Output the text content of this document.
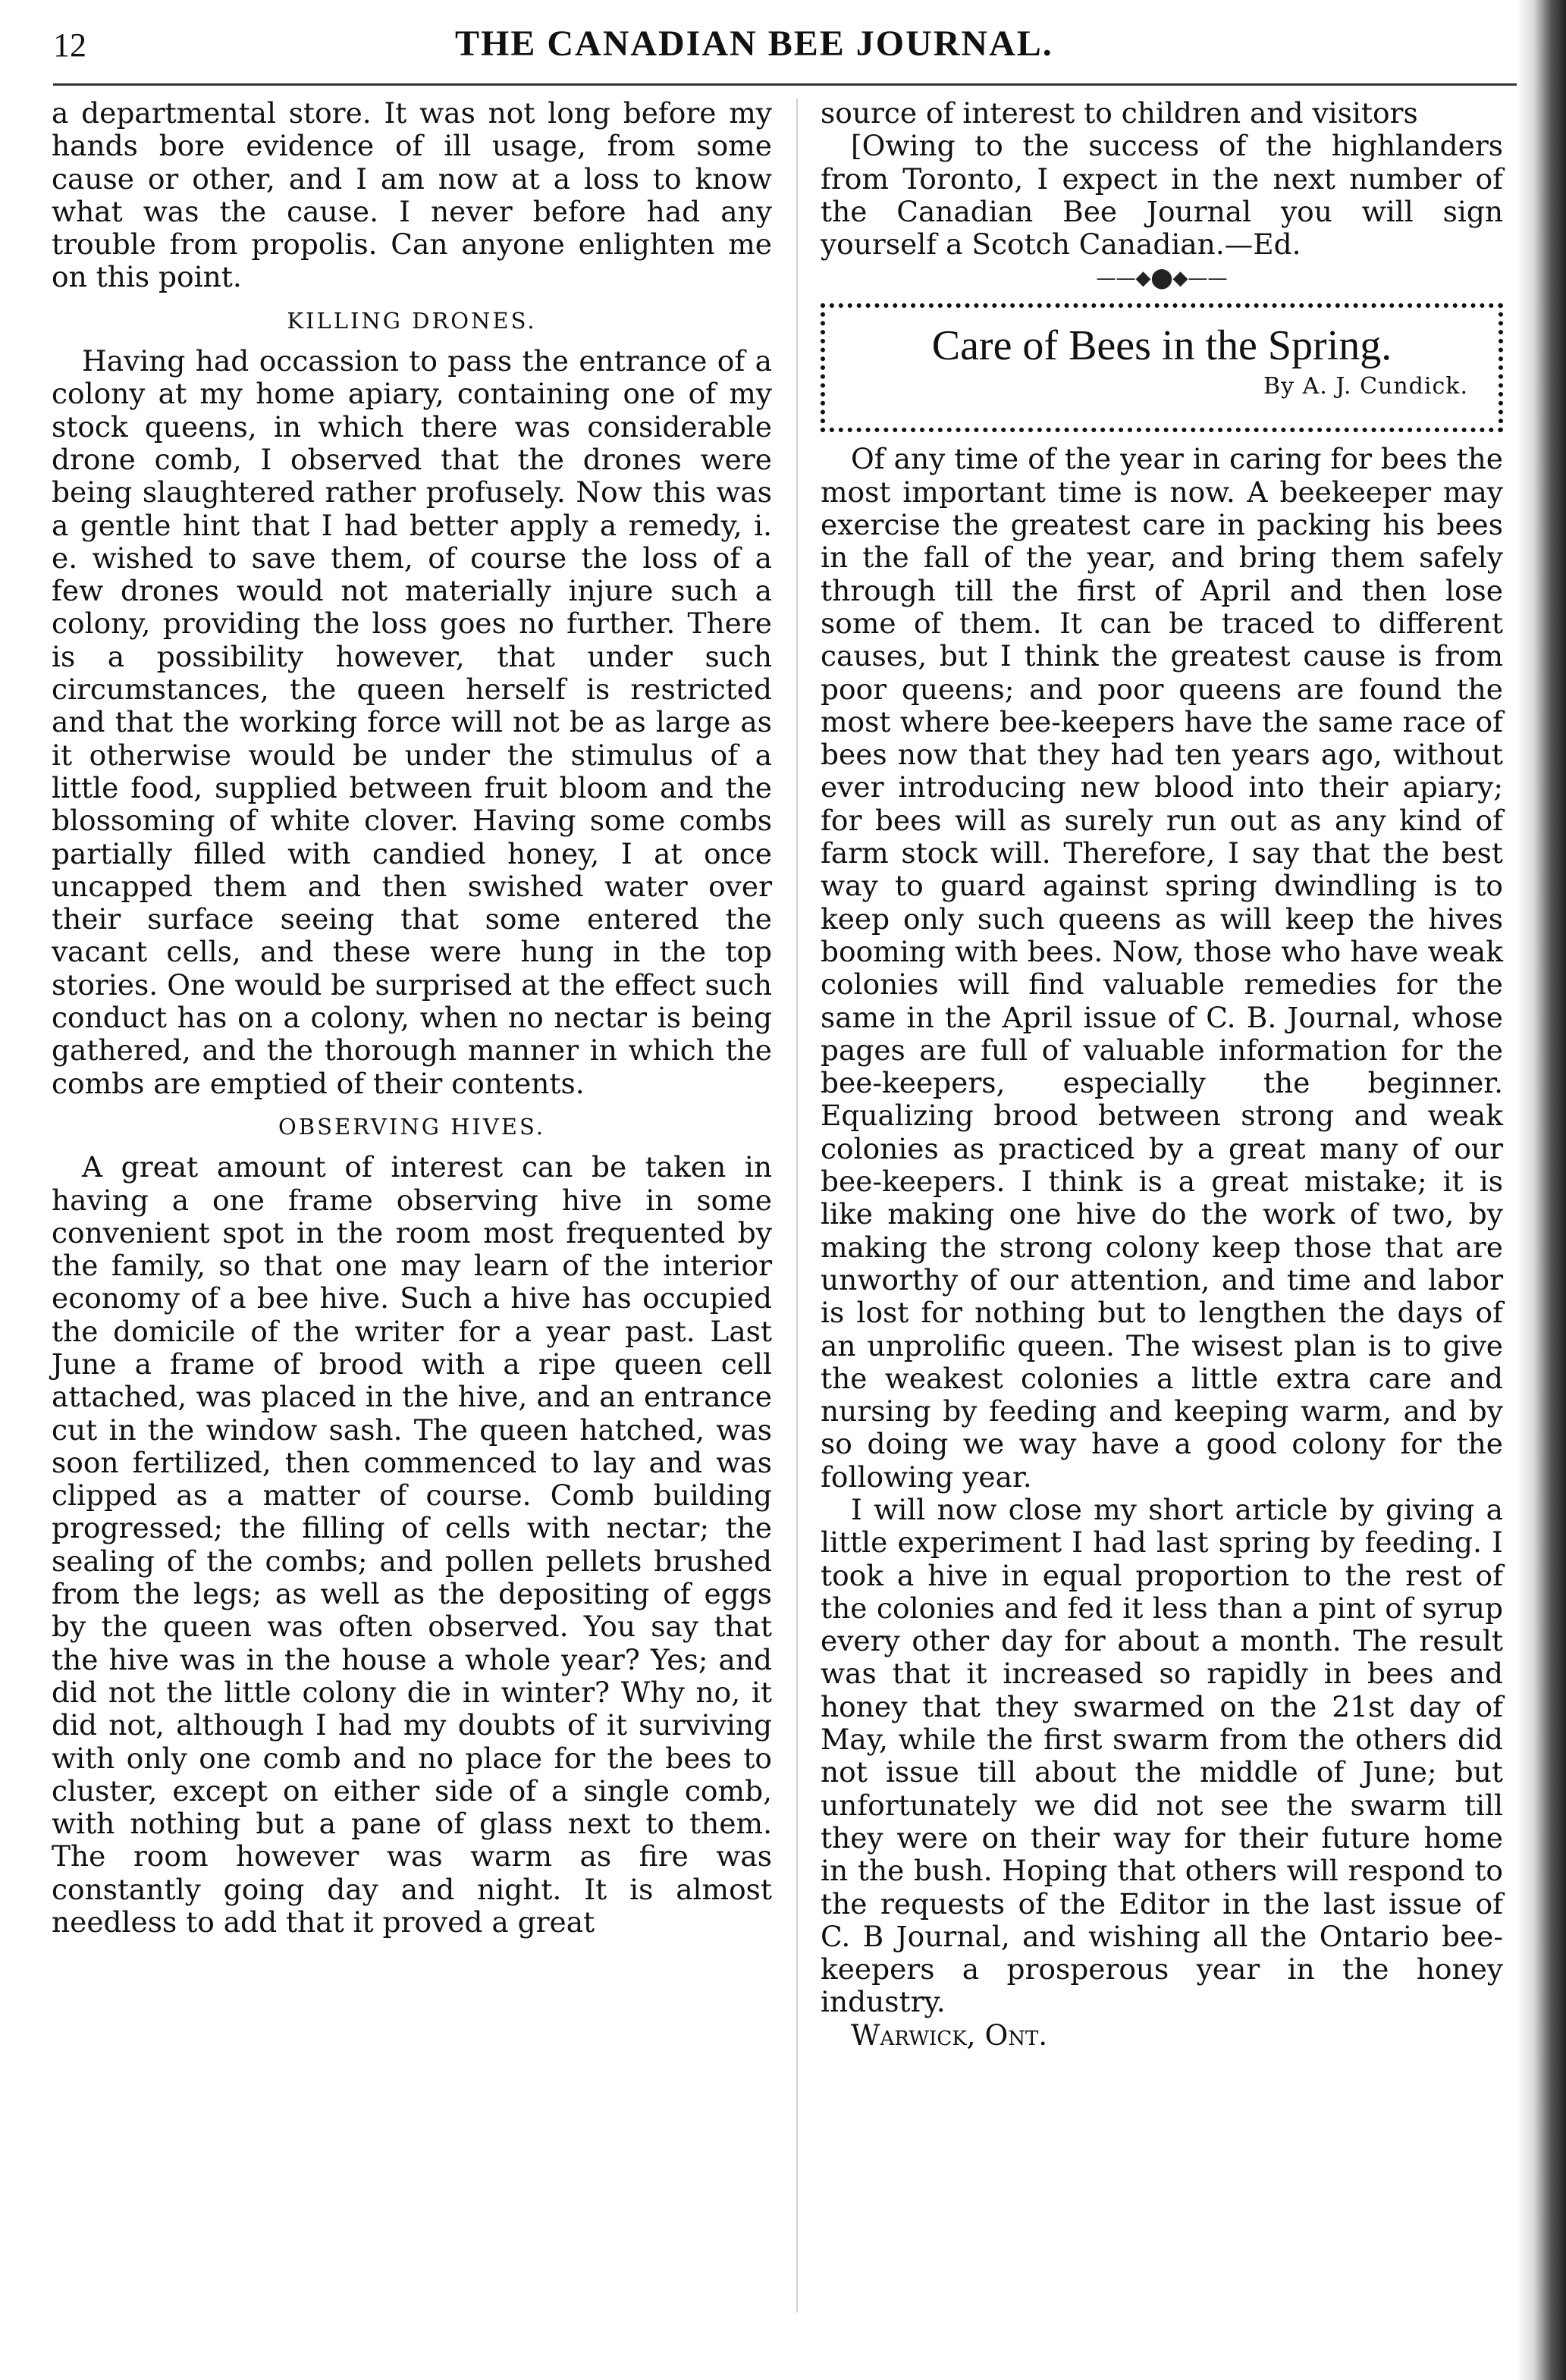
12	THE CANADIAN BEE JOURNAL.

a departmental store. It was not long before my hands bore evidence of ill usage, from some cause or other, and I am now at a loss to know what was the cause. I never before had any trouble from propolis. Can anyone enlighten me on this point.

KILLING DRONES.

Having had occassion to pass the entrance of a colony at my home apiary, containing one of my stock queens, in which there was considerable drone comb, I observed that the drones were being slaughtered rather profusely. Now this was a gentle hint that I had better apply a remedy, i. e. wished to save them, of course the loss of a few drones would not materially injure such a colony, providing the loss goes no further. There is a possibility however, that under such circumstances, the queen herself is restricted and that the working force will not be as large as it otherwise would be under the stimulus of a little food, supplied between fruit bloom and the blossoming of white clover. Having some combs partially filled with candied honey, I at once uncapped them and then swished water over their surface seeing that some entered the vacant cells, and these were hung in the top stories. One would be surprised at the effect such conduct has on a colony, when no nectar is being gathered, and the thorough manner in which the combs are emptied of their contents.

OBSERVING HIVES.

A great amount of interest can be taken in having a one frame observing hive in some convenient spot in the room most frequented by the family, so that one may learn of the interior economy of a bee hive. Such a hive has occupied the domicile of the writer for a year past. Last June a frame of brood with a ripe queen cell attached, was placed in the hive, and an entrance cut in the window sash. The queen hatched, was soon fertilized, then commenced to lay and was clipped as a matter of course. Comb building progressed; the filling of cells with nectar; the sealing of the combs; and pollen pellets brushed from the legs; as well as the depositing of eggs by the queen was often observed. You say that the hive was in the house a whole year? Yes; and did not the little colony die in winter? Why no, it did not, although I had my doubts of it surviving with only one comb and no place for the bees to cluster, except on either side of a single comb, with nothing but a pane of glass next to them. The room however was warm as fire was constantly going day and night. It is almost needless to add that it proved a great

source of interest to children and visitors

[Owing to the success of the highlanders from Toronto, I expect in the next number of the Canadian Bee Journal you will sign yourself a Scotch Canadian.—Ed.

——◆⬤◆——
Care of Bees in the Spring.
By A. J. Cundick.

Of any time of the year in caring for bees the most important time is now. A beekeeper may exercise the greatest care in packing his bees in the fall of the year, and bring them safely through till the first of April and then lose some of them. It can be traced to different causes, but I think the greatest cause is from poor queens; and poor queens are found the most where bee-keepers have the same race of bees now that they had ten years ago, without ever introducing new blood into their apiary; for bees will as surely run out as any kind of farm stock will. Therefore, I say that the best way to guard against spring dwindling is to keep only such queens as will keep the hives booming with bees. Now, those who have weak colonies will find valuable remedies for the same in the April issue of C. B. Journal, whose pages are full of valuable information for the bee-keepers, especially the beginner. Equalizing brood between strong and weak colonies as practiced by a great many of our bee-keepers. I think is a great mistake; it is like making one hive do the work of two, by making the strong colony keep those that are unworthy of our attention, and time and labor is lost for nothing but to lengthen the days of an unprolific queen. The wisest plan is to give the weakest colonies a little extra care and nursing by feeding and keeping warm, and by so doing we way have a good colony for the following year.

I will now close my short article by giving a little experiment I had last spring by feeding. I took a hive in equal proportion to the rest of the colonies and fed it less than a pint of syrup every other day for about a month. The result was that it increased so rapidly in bees and honey that they swarmed on the 21st day of May, while the first swarm from the others did not issue till about the middle of June; but unfortunately we did not see the swarm till they were on their way for their future home in the bush. Hoping that others will respond to the requests of the Editor in the last issue of C. B Journal, and wishing all the Ontario bee-keepers a prosperous year in the honey industry.

Warwick, Ont.
